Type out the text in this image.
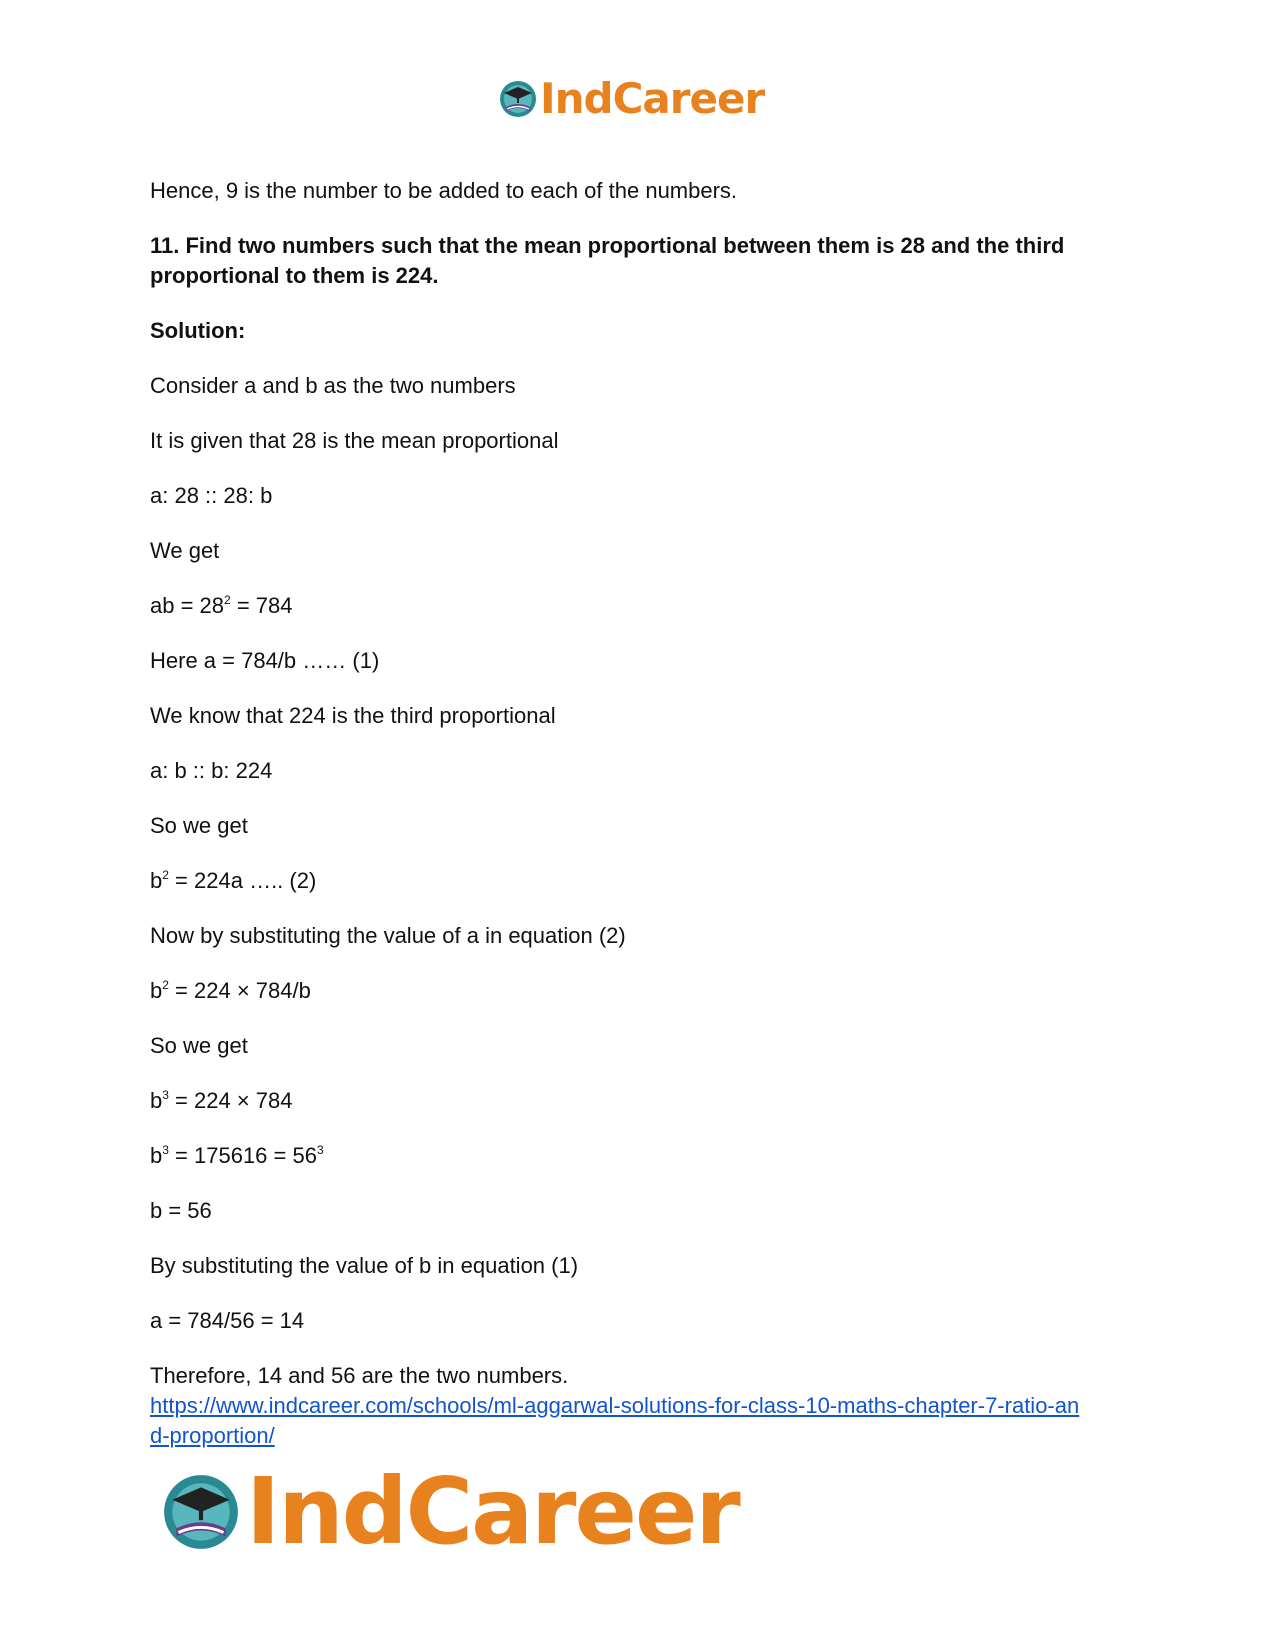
IndCareer
Hence, 9 is the number to be added to each of the numbers.
11. Find two numbers such that the mean proportional between them is 28 and the third
proportional to them is 224.
Solution:
Consider a and b as the two numbers
It is given that 28 is the mean proportional
a: 28 :: 28: b
We get
ab = $28^2 = 784$
Here a = 784/b …… (1)
We know that 224 is the third proportional
a: b :: b: 224
So we get
$b^2 = 224a$ ….. (2)
Now by substituting the value of a in equation (2)
$b^2 = 224 \times 784/b$
So we get
$b^3 = 224 \times 784$
$b^3 = 175616 = 56^3$
b = 56
By substituting the value of b in equation (1)
a = 784/56 = 14
Therefore, 14 and 56 are the two numbers.
https://www.indcareer.com/schools/ml-aggarwal-solutions-for-class-10-maths-chapter-7-ratio-an
d-proportion/
IndCareer
